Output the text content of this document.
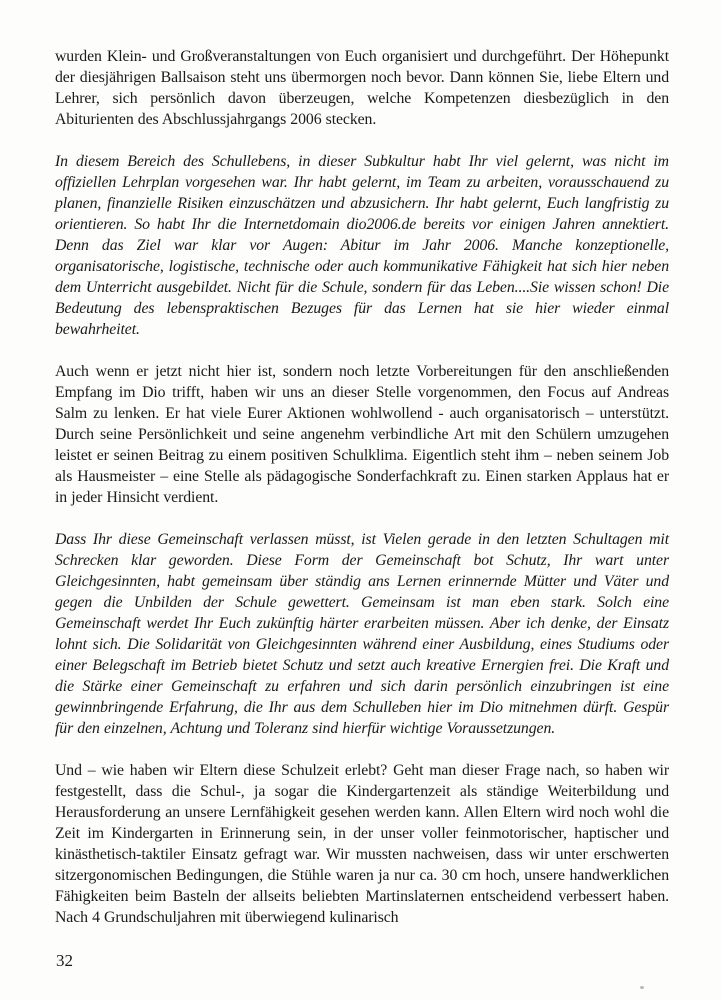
wurden Klein- und Großveranstaltungen von Euch organisiert und durchgeführt. Der Höhepunkt der diesjährigen Ballsaison steht uns übermorgen noch bevor. Dann können Sie, liebe Eltern und Lehrer, sich persönlich davon überzeugen, welche Kompetenzen diesbezüglich in den Abiturienten des Abschlussjahrgangs 2006 stecken.

In diesem Bereich des Schullebens, in dieser Subkultur habt Ihr viel gelernt, was nicht im offiziellen Lehrplan vorgesehen war. Ihr habt gelernt, im Team zu arbeiten, vorausschauend zu planen, finanzielle Risiken einzuschätzen und abzusichern. Ihr habt gelernt, Euch langfristig zu orientieren. So habt Ihr die Internetdomain dio2006.de bereits vor einigen Jahren annektiert. Denn das Ziel war klar vor Augen: Abitur im Jahr 2006. Manche konzeptionelle, organisatorische, logistische, technische oder auch kommunikative Fähigkeit hat sich hier neben dem Unterricht ausgebildet. Nicht für die Schule, sondern für das Leben....Sie wissen schon! Die Bedeutung des lebenspraktischen Bezuges für das Lernen hat sie hier wieder einmal bewahrheitet.

Auch wenn er jetzt nicht hier ist, sondern noch letzte Vorbereitungen für den anschließenden Empfang im Dio trifft, haben wir uns an dieser Stelle vorgenommen, den Focus auf Andreas Salm zu lenken. Er hat viele Eurer Aktionen wohlwollend - auch organisatorisch – unterstützt. Durch seine Persönlichkeit und seine angenehm verbindliche Art mit den Schülern umzugehen leistet er seinen Beitrag zu einem positiven Schulklima. Eigentlich steht ihm – neben seinem Job als Hausmeister – eine Stelle als pädagogische Sonderfachkraft zu. Einen starken Applaus hat er in jeder Hinsicht verdient.

Dass Ihr diese Gemeinschaft verlassen müsst, ist Vielen gerade in den letzten Schultagen mit Schrecken klar geworden. Diese Form der Gemeinschaft bot Schutz, Ihr wart unter Gleichgesinnten, habt gemeinsam über ständig ans Lernen erinnernde Mütter und Väter und gegen die Unbilden der Schule gewettert. Gemeinsam ist man eben stark. Solch eine Gemeinschaft werdet Ihr Euch zukünftig härter erarbeiten müssen. Aber ich denke, der Einsatz lohnt sich. Die Solidarität von Gleichgesinnten während einer Ausbildung, eines Studiums oder einer Belegschaft im Betrieb bietet Schutz und setzt auch kreative Ernergien frei. Die Kraft und die Stärke einer Gemeinschaft zu erfahren und sich darin persönlich einzubringen ist eine gewinnbringende Erfahrung, die Ihr aus dem Schulleben hier im Dio mitnehmen dürft. Gespür für den einzelnen, Achtung und Toleranz sind hierfür wichtige Voraussetzungen.

Und – wie haben wir Eltern diese Schulzeit erlebt? Geht man dieser Frage nach, so haben wir festgestellt, dass die Schul-, ja sogar die Kindergartenzeit als ständige Weiterbildung und Herausforderung an unsere Lernfähigkeit gesehen werden kann. Allen Eltern wird noch wohl die Zeit im Kindergarten in Erinnerung sein, in der unser voller feinmotorischer, haptischer und kinästhetisch-taktiler Einsatz gefragt war. Wir mussten nachweisen, dass wir unter erschwerten sitzergonomischen Bedingungen, die Stühle waren ja nur ca. 30 cm hoch, unsere handwerklichen Fähigkeiten beim Basteln der allseits beliebten Martinslaternen entscheidend verbessert haben. Nach 4 Grundschuljahren mit überwiegend kulinarisch

32
